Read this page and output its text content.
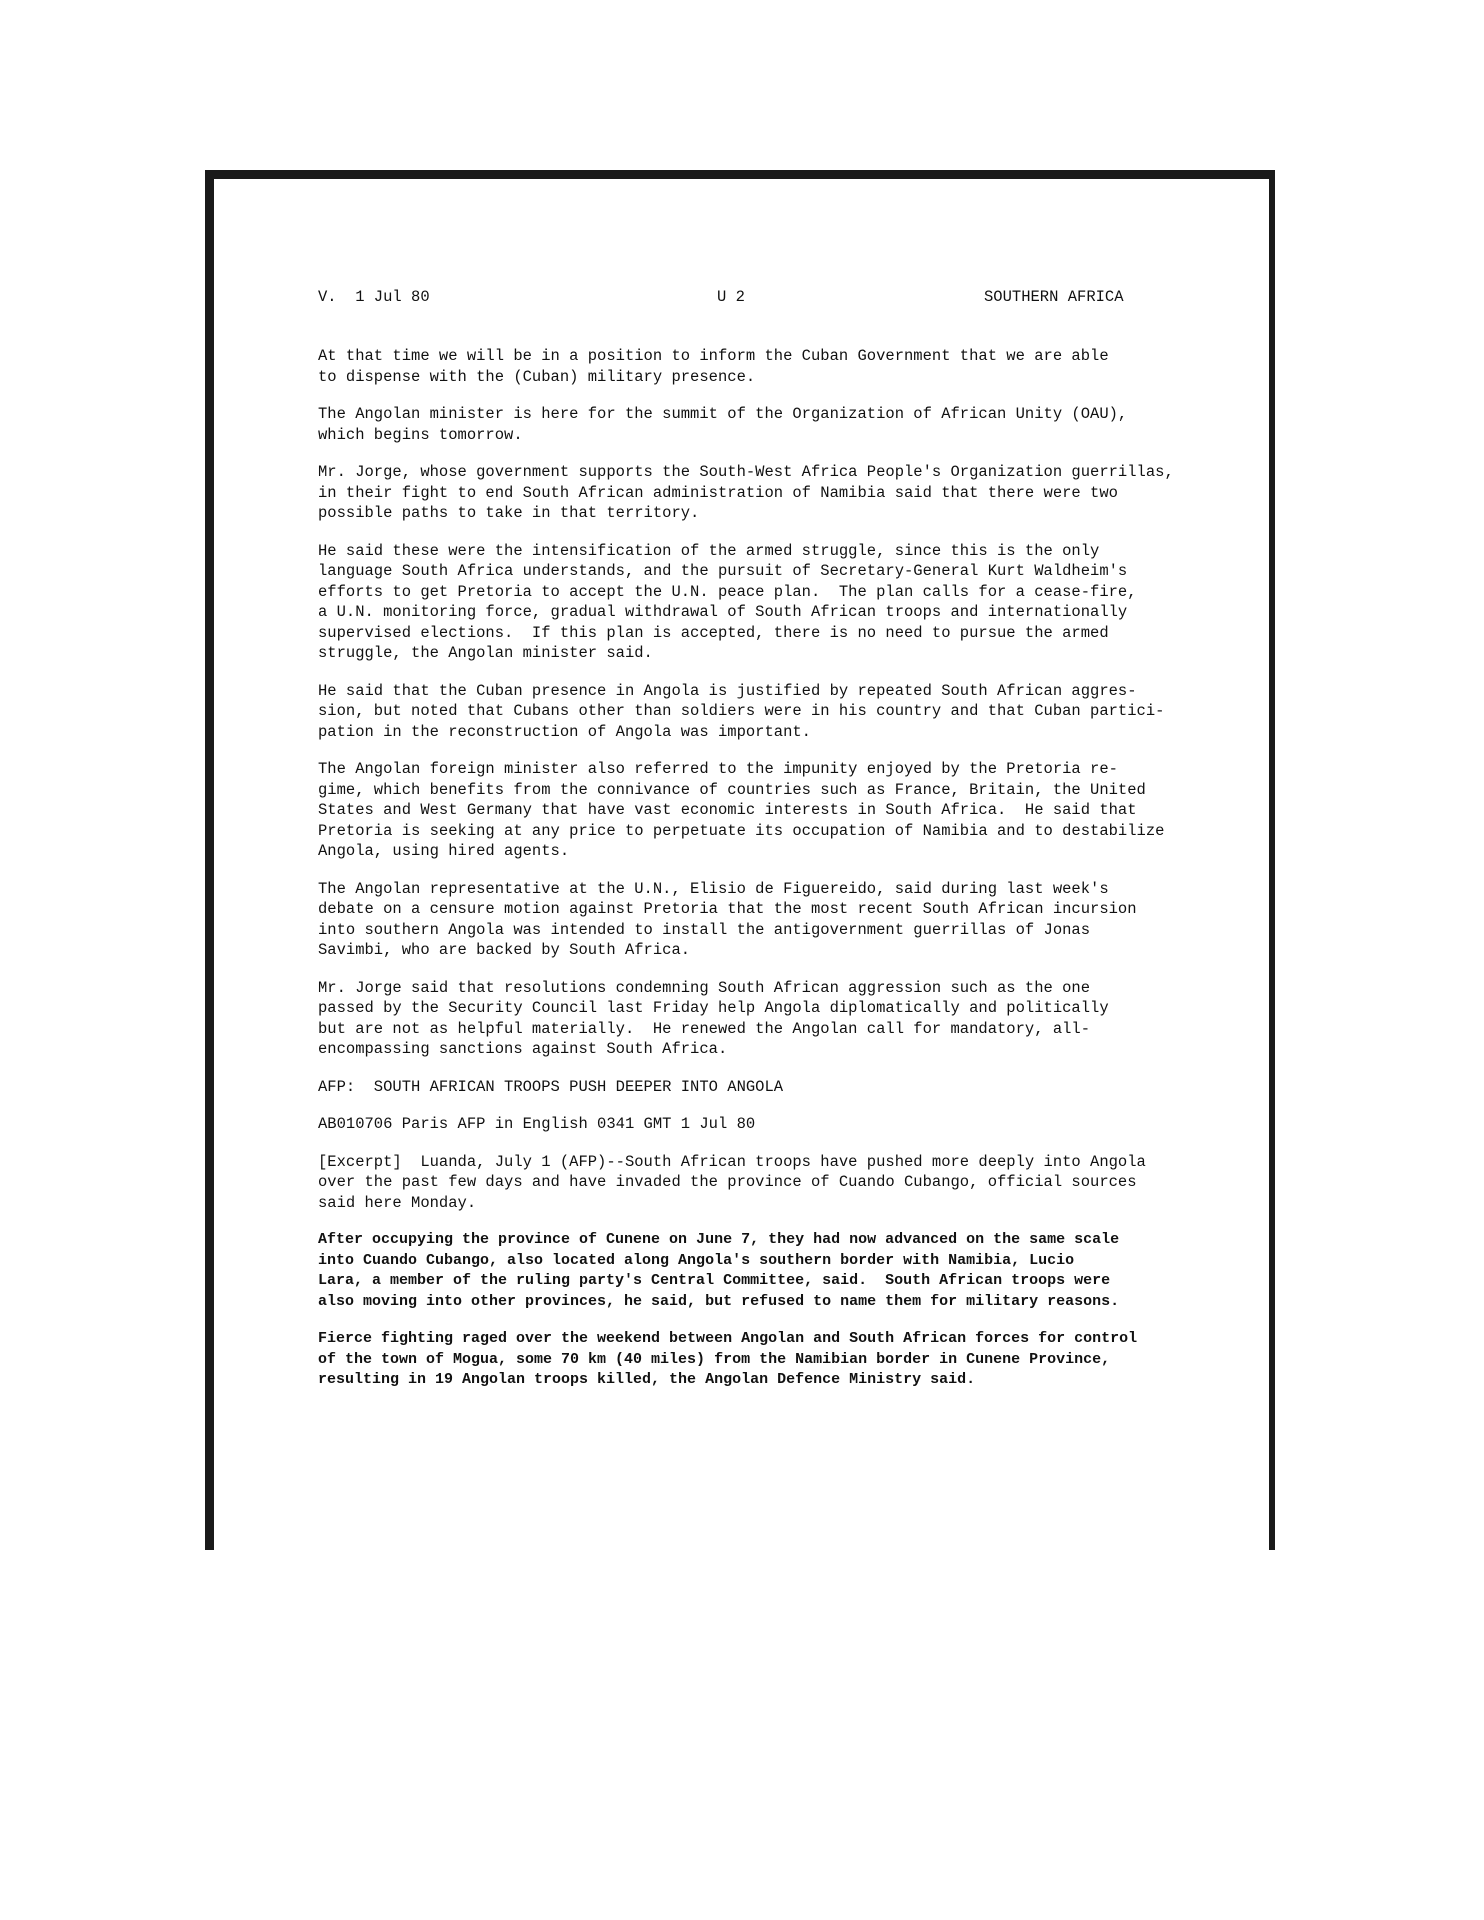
V.  1 Jul 80	U 2	SOUTHERN AFRICA

At that time we will be in a position to inform the Cuban Government that we are able
to dispense with the (Cuban) military presence.

The Angolan minister is here for the summit of the Organization of African Unity (OAU),
which begins tomorrow.

Mr. Jorge, whose government supports the South-West Africa People's Organization guerrillas,
in their fight to end South African administration of Namibia said that there were two
possible paths to take in that territory.

He said these were the intensification of the armed struggle, since this is the only
language South Africa understands, and the pursuit of Secretary-General Kurt Waldheim's
efforts to get Pretoria to accept the U.N. peace plan.  The plan calls for a cease-fire,
a U.N. monitoring force, gradual withdrawal of South African troops and internationally
supervised elections.  If this plan is accepted, there is no need to pursue the armed
struggle, the Angolan minister said.

He said that the Cuban presence in Angola is justified by repeated South African aggres-
sion, but noted that Cubans other than soldiers were in his country and that Cuban partici-
pation in the reconstruction of Angola was important.

The Angolan foreign minister also referred to the impunity enjoyed by the Pretoria re-
gime, which benefits from the connivance of countries such as France, Britain, the United
States and West Germany that have vast economic interests in South Africa.  He said that
Pretoria is seeking at any price to perpetuate its occupation of Namibia and to destabilize
Angola, using hired agents.

The Angolan representative at the U.N., Elisio de Figuereido, said during last week's
debate on a censure motion against Pretoria that the most recent South African incursion
into southern Angola was intended to install the antigovernment guerrillas of Jonas
Savimbi, who are backed by South Africa.

Mr. Jorge said that resolutions condemning South African aggression such as the one
passed by the Security Council last Friday help Angola diplomatically and politically
but are not as helpful materially.  He renewed the Angolan call for mandatory, all-
encompassing sanctions against South Africa.

AFP:  SOUTH AFRICAN TROOPS PUSH DEEPER INTO ANGOLA

AB010706 Paris AFP in English 0341 GMT 1 Jul 80

[Excerpt]  Luanda, July 1 (AFP)--South African troops have pushed more deeply into Angola
over the past few days and have invaded the province of Cuando Cubango, official sources
said here Monday.

After occupying the province of Cunene on June 7, they had now advanced on the same scale
into Cuando Cubango, also located along Angola's southern border with Namibia, Lucio
Lara, a member of the ruling party's Central Committee, said.  South African troops were
also moving into other provinces, he said, but refused to name them for military reasons.

Fierce fighting raged over the weekend between Angolan and South African forces for control
of the town of Mogua, some 70 km (40 miles) from the Namibian border in Cunene Province,
resulting in 19 Angolan troops killed, the Angolan Defence Ministry said.
